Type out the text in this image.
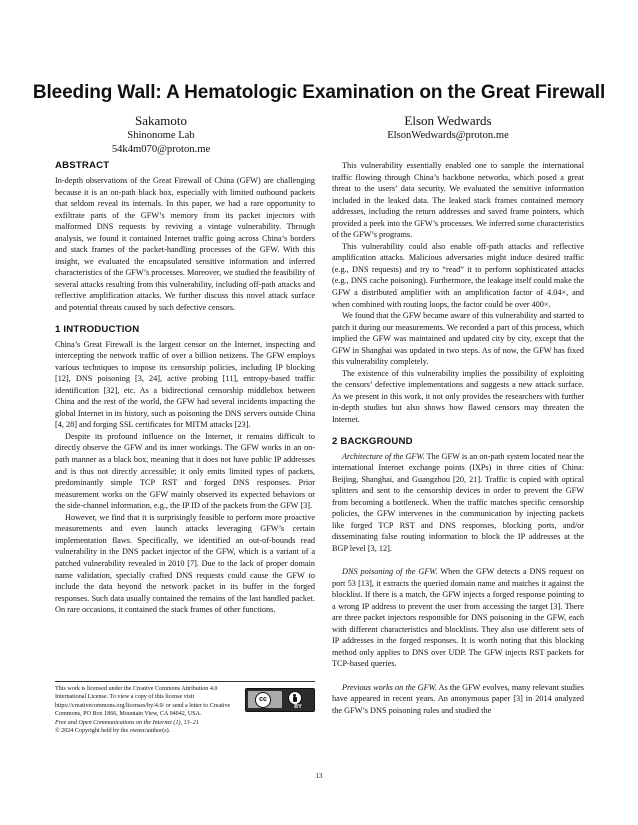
Bleeding Wall: A Hematologic Examination on the Great Firewall
Sakamoto
Shinonome Lab
54k4m070@proton.me
Elson Wedwards
ElsonWedwards@proton.me
ABSTRACT

In-depth observations of the Great Firewall of China (GFW) are challenging because it is an on-path black box, especially with limited outbound packets that seldom reveal its internals. In this paper, we had a rare opportunity to exfiltrate parts of the GFW’s memory from its packet injectors with malformed DNS requests by reviving a vintage vulnerability. Through analysis, we found it contained Internet traffic going across China’s borders and stack frames of the packet-handling processes of the GFW. With this insight, we evaluated the encapsulated sensitive information and inferred characteristics of the GFW’s processes. Moreover, we studied the feasibility of several attacks resulting from this vulnerability, including off-path attacks and reflective amplification attacks. We further discuss this novel attack surface and potential threats caused by such defective censors.

1 INTRODUCTION

China’s Great Firewall is the largest censor on the Internet, inspecting and intercepting the network traffic of over a billion netizens. The GFW employs various techniques to impose its censorship policies, including IP blocking [12], DNS poisoning [3, 24], active probing [11], entropy-based traffic identification [32], etc. As a bidirectional censorship middlebox between China and the rest of the world, the GFW had several incidents impacting the global Internet in its history, such as poisoning the DNS servers outside China [4, 28] and forging SSL certificates for MITM attacks [23].

Despite its profound influence on the Internet, it remains difficult to directly observe the GFW and its inner workings. The GFW works in an on-path manner as a black box, meaning that it does not have public IP addresses and is thus not directly accessible; it only emits limited types of packets, predominantly simple TCP RST and forged DNS responses. Prior measurement works on the GFW mainly observed its expected behaviors or the side-channel information, e.g., the IP ID of the packets from the GFW [3].

However, we find that it is surprisingly feasible to perform more proactive measurements and even launch attacks leveraging GFW’s certain implementation flaws. Specifically, we identified an out-of-bounds read vulnerability in the DNS packet injector of the GFW, which is a variant of a patched vulnerability revealed in 2010 [7]. Due to the lack of proper domain name validation, specially crafted DNS requests could cause the GFW to include the data beyond the network packet in its buffer in the forged responses. Such data usually contained the remains of the last handled packet. On rare occasions, it contained the stack frames of other functions.

This work is licensed under the Creative Commons Attribution 4.0 International License. To view a copy of this license visit https://creativecommons.org/licenses/by/4.0/ or send a letter to Creative Commons, PO Box 1866, Mountain View, CA 94042, USA.
Free and Open Communications on the Internet (1), 13–21
© 2024 Copyright held by the owner/author(s).
cc
BY

This vulnerability essentially enabled one to sample the international traffic flowing through China’s backbone networks, which posed a great threat to the users’ data security. We evaluated the sensitive information included in the leaked data. The leaked stack frames contained memory addresses, including the return addresses and saved frame pointers, which provided a peek into the GFW’s processes. We inferred some characteristics of the GFW’s programs.

This vulnerability could also enable off-path attacks and reflective amplification attacks. Malicious adversaries might induce desired traffic (e.g., DNS requests) and try to “read” it to perform sophisticated attacks (e.g., DNS cache poisoning). Furthermore, the leakage itself could make the GFW a distributed amplifier with an amplification factor of 4.04×, and when combined with routing loops, the factor could be over 400×.

We found that the GFW became aware of this vulnerability and started to patch it during our measurements. We recorded a part of this process, which implied the GFW was maintained and updated city by city, except that the GFW in Shanghai was updated in two steps. As of now, the GFW has fixed this vulnerability completely.

The existence of this vulnerability implies the possibility of exploiting the censors’ defective implementations and suggests a new attack surface. As we present in this work, it not only provides the researchers with further in-depth studies but also shows how flawed censors may threaten the Internet.

2 BACKGROUND

Architecture of the GFW. The GFW is an on-path system located near the international Internet exchange points (IXPs) in three cities of China: Beijing, Shanghai, and Guangzhou [20, 21]. Traffic is copied with optical splitters and sent to the censorship devices in order to prevent the GFW from becoming a bottleneck. When the traffic matches specific censorship policies, the GFW intervenes in the communication by injecting packets like forged TCP RST and DNS responses, blocking ports, and/or disseminating false routing information to block the IP addresses at the BGP level [3, 12].

DNS poisoning of the GFW. When the GFW detects a DNS request on port 53 [13], it extracts the queried domain name and matches it against the blocklist. If there is a match, the GFW injects a forged response pointing to a wrong IP address to prevent the user from accessing the target [3]. There are three packet injectors responsible for DNS poisoning in the GFW, each with different characteristics and blocklists. They also use different sets of IP addresses in the forged responses. It is worth noting that this blocking method only applies to DNS over UDP. The GFW injects RST packets for TCP-based queries.

Previous works on the GFW. As the GFW evolves, many relevant studies have appeared in recent years. An anonymous paper [3] in 2014 analyzed the GFW’s DNS poisoning rules and studied the

13
